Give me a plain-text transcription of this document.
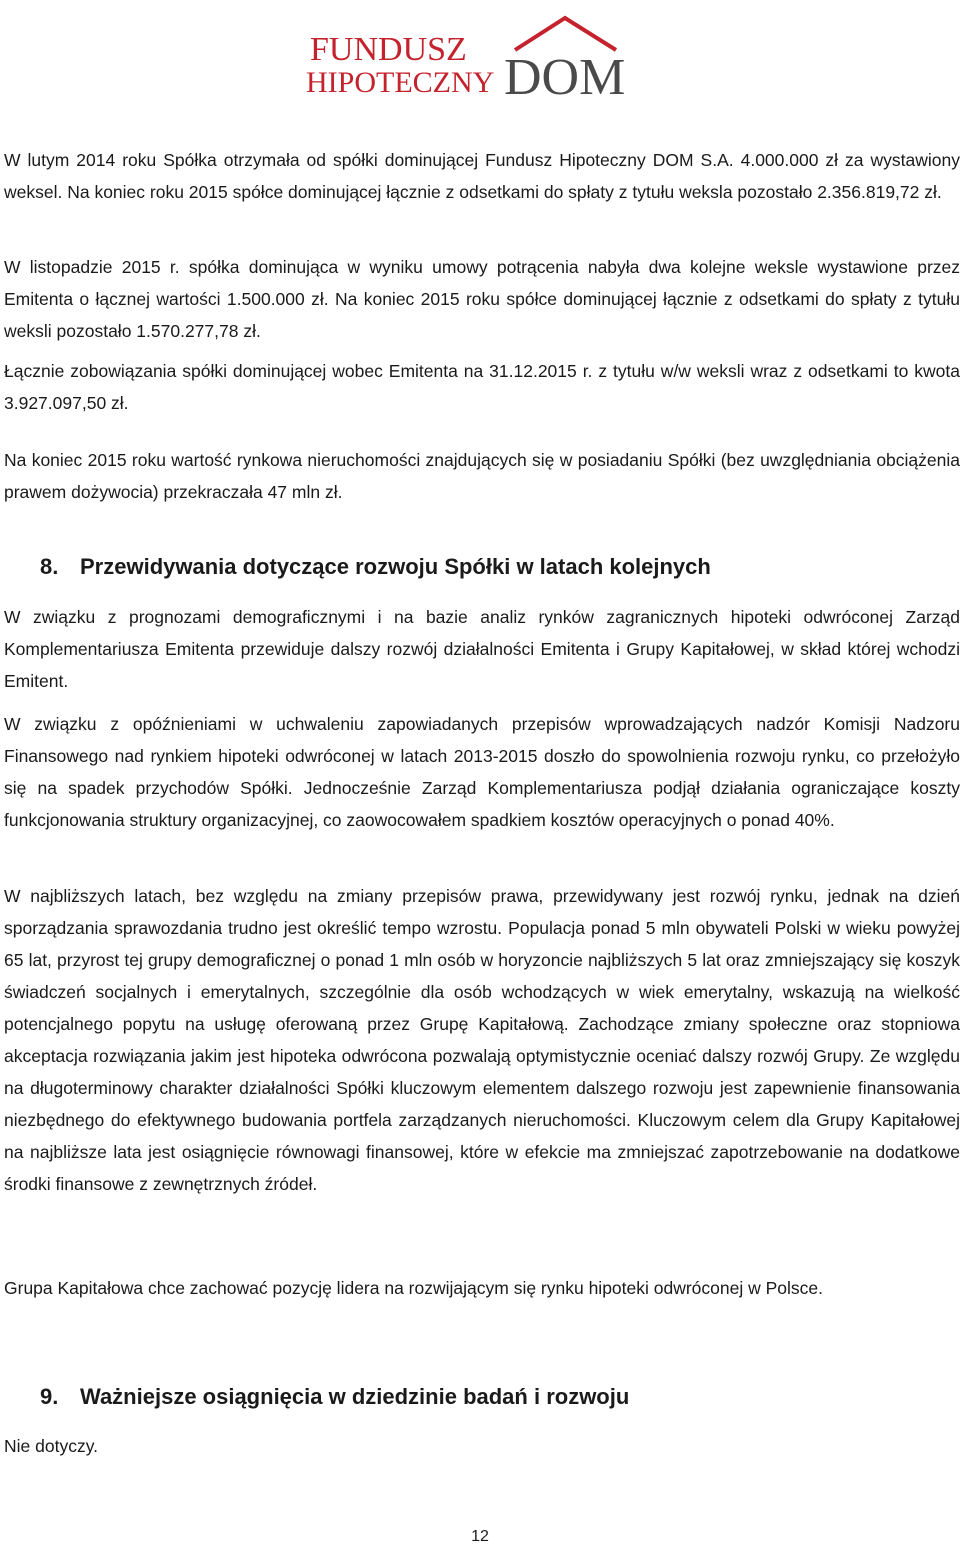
FUNDUSZ
HIPOTECZNY DOM

W lutym 2014 roku Spółka otrzymała od spółki dominującej Fundusz Hipoteczny DOM S.A. 4.000.000 zł za wystawiony weksel. Na koniec roku 2015 spółce dominującej łącznie z odsetkami do spłaty z tytułu weksla pozostało 2.356.819,72 zł.

W listopadzie 2015 r. spółka dominująca w wyniku umowy potrącenia nabyła dwa kolejne weksle wystawione przez Emitenta o łącznej wartości 1.500.000 zł. Na koniec 2015 roku spółce dominującej łącznie z odsetkami do spłaty z tytułu weksli pozostało 1.570.277,78 zł.

Łącznie zobowiązania spółki dominującej wobec Emitenta na 31.12.2015 r. z tytułu w/w weksli wraz z odsetkami to kwota 3.927.097,50 zł.

Na koniec 2015 roku wartość rynkowa nieruchomości znajdujących się w posiadaniu Spółki (bez uwzględniania obciążenia prawem dożywocia) przekraczała 47 mln zł.

8. Przewidywania dotyczące rozwoju Spółki w latach kolejnych

W związku z prognozami demograficznymi i na bazie analiz rynków zagranicznych hipoteki odwróconej Zarząd Komplementariusza Emitenta przewiduje dalszy rozwój działalności Emitenta i Grupy Kapitałowej, w skład której wchodzi Emitent.

W związku z opóźnieniami w uchwaleniu zapowiadanych przepisów wprowadzających nadzór Komisji Nadzoru Finansowego nad rynkiem hipoteki odwróconej w latach 2013-2015 doszło do spowolnienia rozwoju rynku, co przełożyło się na spadek przychodów Spółki. Jednocześnie Zarząd Komplementariusza podjął działania ograniczające koszty funkcjonowania struktury organizacyjnej, co zaowocowałem spadkiem kosztów operacyjnych o ponad 40%.

W najbliższych latach, bez względu na zmiany przepisów prawa, przewidywany jest rozwój rynku, jednak na dzień sporządzania sprawozdania trudno jest określić tempo wzrostu. Populacja ponad 5 mln obywateli Polski w wieku powyżej 65 lat, przyrost tej grupy demograficznej o ponad 1 mln osób w horyzoncie najbliższych 5 lat oraz zmniejszający się koszyk świadczeń socjalnych i emerytalnych, szczególnie dla osób wchodzących w wiek emerytalny, wskazują na wielkość potencjalnego popytu na usługę oferowaną przez Grupę Kapitałową. Zachodzące zmiany społeczne oraz stopniowa akceptacja rozwiązania jakim jest hipoteka odwrócona pozwalają optymistycznie oceniać dalszy rozwój Grupy. Ze względu na długoterminowy charakter działalności Spółki kluczowym elementem dalszego rozwoju jest zapewnienie finansowania niezbędnego do efektywnego budowania portfela zarządzanych nieruchomości. Kluczowym celem dla Grupy Kapitałowej na najbliższe lata jest osiągnięcie równowagi finansowej, które w efekcie ma zmniejszać zapotrzebowanie na dodatkowe środki finansowe z zewnętrznych źródeł.

Grupa Kapitałowa chce zachować pozycję lidera na rozwijającym się rynku hipoteki odwróconej w Polsce.

9. Ważniejsze osiągnięcia w dziedzinie badań i rozwoju

Nie dotyczy.

12
